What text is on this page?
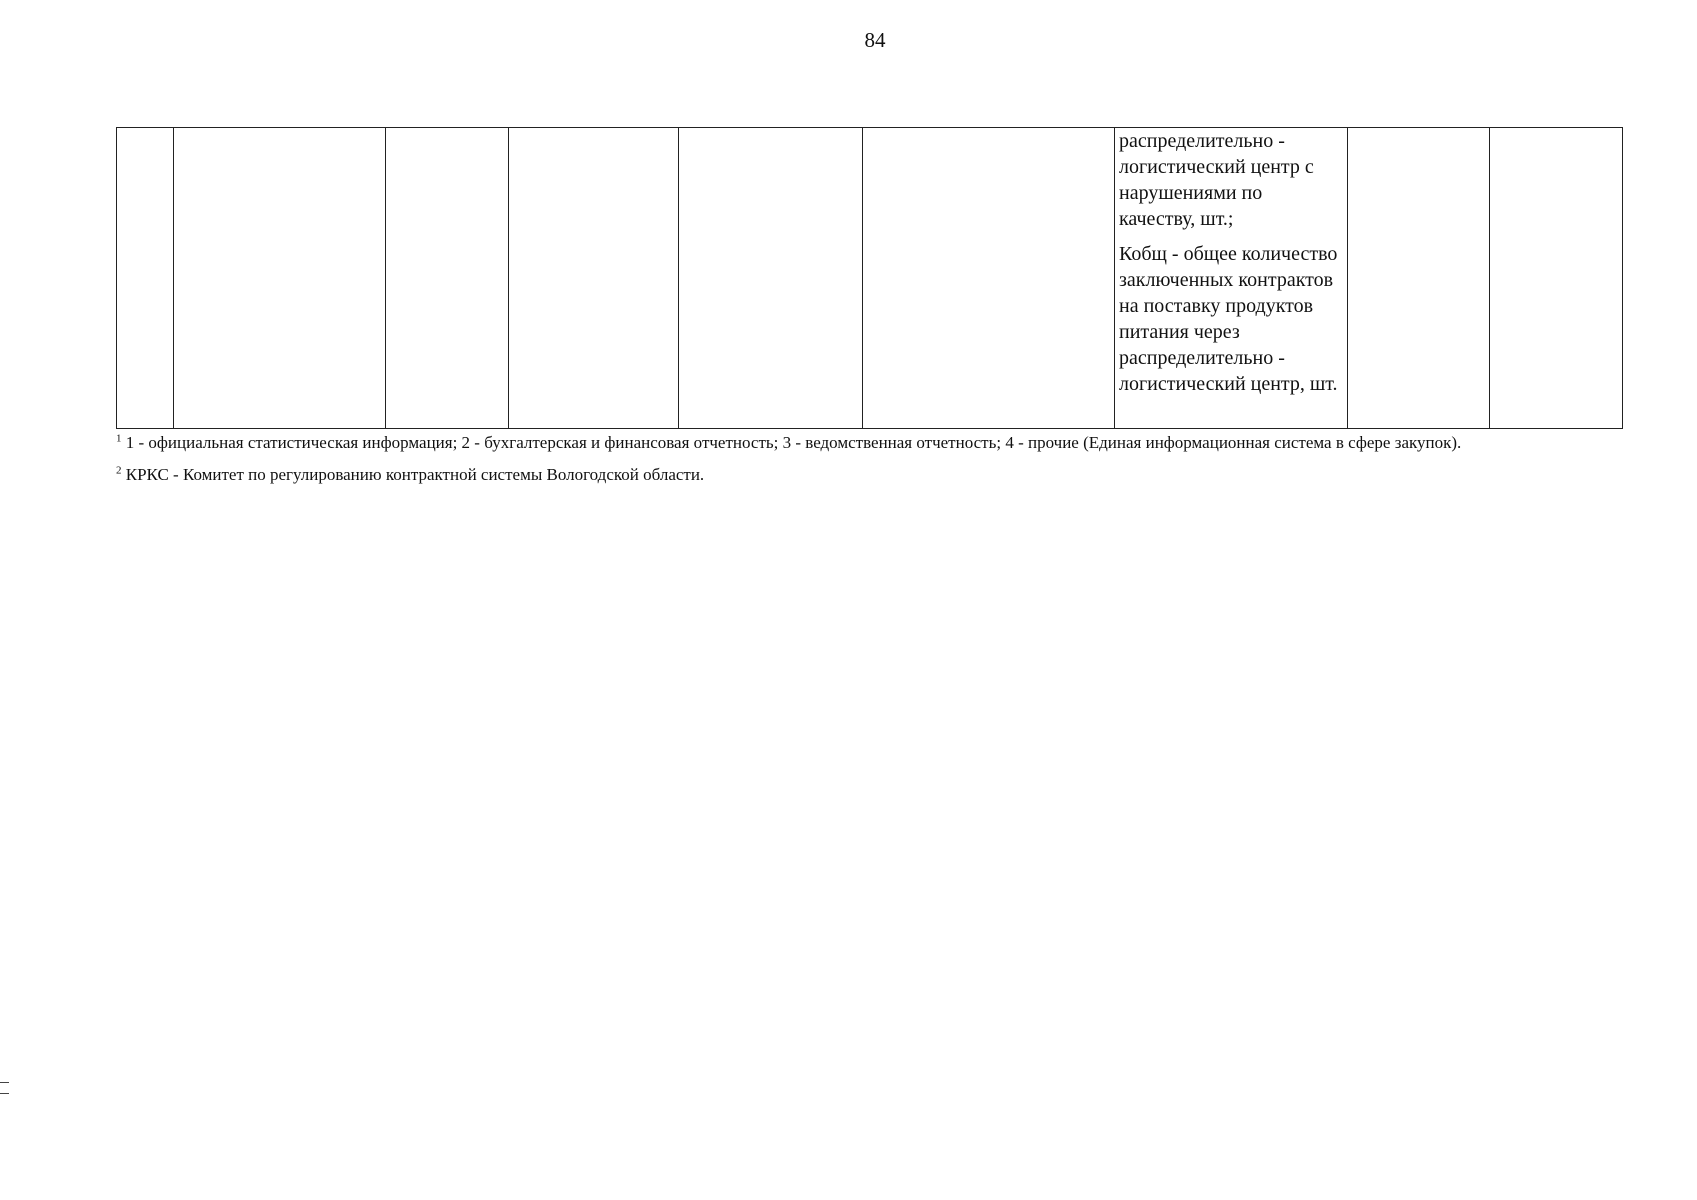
84

распределительно - логистический центр с нарушениями по качеству, шт.;

Кобщ - общее количество заключенных контрактов на поставку продуктов питания через распределительно - логистический центр, шт.

$^1$ 1 - официальная статистическая информация; 2 - бухгалтерская и финансовая отчетность; 3 - ведомственная отчетность; 4 - прочие (Единая информационная система в сфере закупок).

$^2$ КРКС - Комитет по регулированию контрактной системы Вологодской области.
